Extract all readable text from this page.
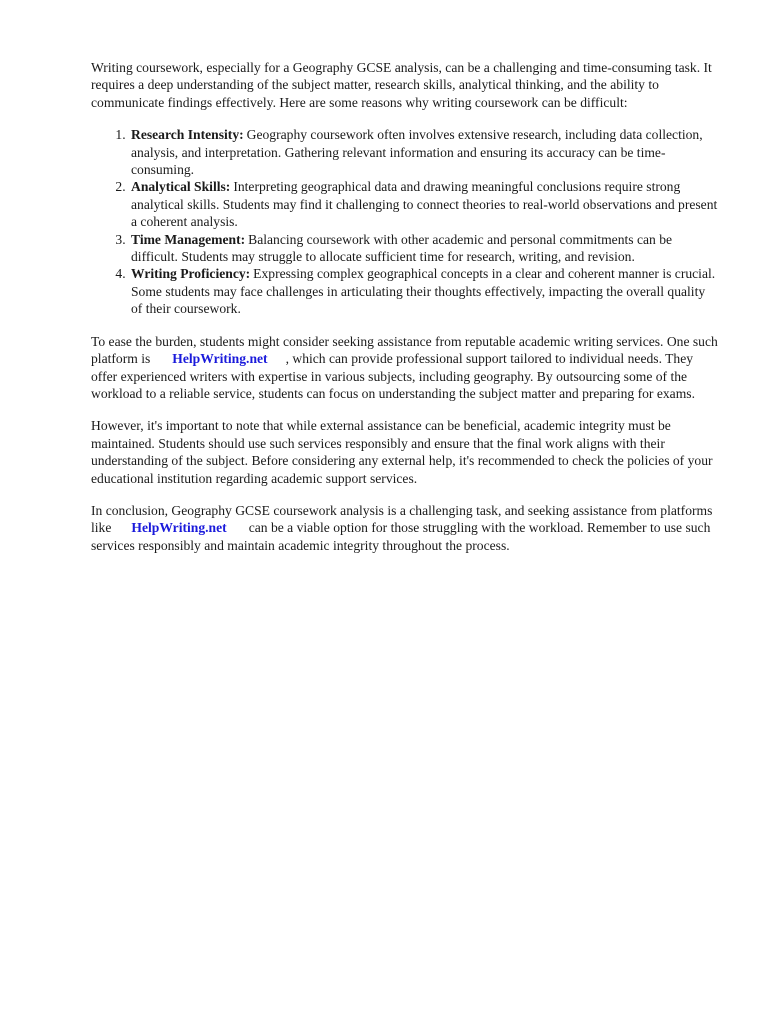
Writing coursework, especially for a Geography GCSE analysis, can be a challenging and time-consuming task. It requires a deep understanding of the subject matter, research skills, analytical thinking, and the ability to communicate findings effectively. Here are some reasons why writing coursework can be difficult:

1. Research Intensity: Geography coursework often involves extensive research, including data collection, analysis, and interpretation. Gathering relevant information and ensuring its accuracy can be time-consuming.
2. Analytical Skills: Interpreting geographical data and drawing meaningful conclusions require strong analytical skills. Students may find it challenging to connect theories to real-world observations and present a coherent analysis.
3. Time Management: Balancing coursework with other academic and personal commitments can be difficult. Students may struggle to allocate sufficient time for research, writing, and revision.
4. Writing Proficiency: Expressing complex geographical concepts in a clear and coherent manner is crucial. Some students may face challenges in articulating their thoughts effectively, impacting the overall quality of their coursework.

To ease the burden, students might consider seeking assistance from reputable academic writing services. One such platform is HelpWriting.net , which can provide professional support tailored to individual needs. They offer experienced writers with expertise in various subjects, including geography. By outsourcing some of the workload to a reliable service, students can focus on understanding the subject matter and preparing for exams.

However, it's important to note that while external assistance can be beneficial, academic integrity must be maintained. Students should use such services responsibly and ensure that the final work aligns with their understanding of the subject. Before considering any external help, it's recommended to check the policies of your educational institution regarding academic support services.

In conclusion, Geography GCSE coursework analysis is a challenging task, and seeking assistance from platforms like HelpWriting.net can be a viable option for those struggling with the workload. Remember to use such services responsibly and maintain academic integrity throughout the process.
